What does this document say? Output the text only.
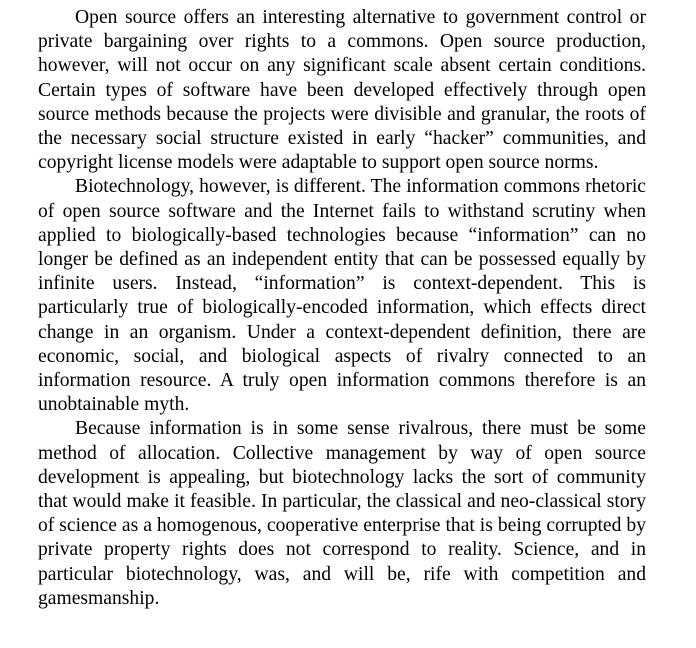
Open source offers an interesting alternative to government control or private bargaining over rights to a commons. Open source production, however, will not occur on any significant scale absent certain conditions. Certain types of software have been developed effectively through open source methods because the projects were divisible and granular, the roots of the necessary social structure existed in early “hacker” communities, and copyright license models were adaptable to support open source norms.

Biotechnology, however, is different. The information commons rhetoric of open source software and the Internet fails to withstand scrutiny when applied to biologically-based technologies because “information” can no longer be defined as an independent entity that can be possessed equally by infinite users. Instead, “information” is context-dependent. This is particularly true of biologically-encoded information, which effects direct change in an organism. Under a context-dependent definition, there are economic, social, and biological aspects of rivalry connected to an information resource. A truly open information commons therefore is an unobtainable myth.

Because information is in some sense rivalrous, there must be some method of allocation. Collective management by way of open source development is appealing, but biotechnology lacks the sort of community that would make it feasible. In particular, the classical and neo-classical story of science as a homogenous, cooperative enterprise that is being corrupted by private property rights does not correspond to reality. Science, and in particular biotechnology, was, and will be, rife with competition and gamesmanship.
